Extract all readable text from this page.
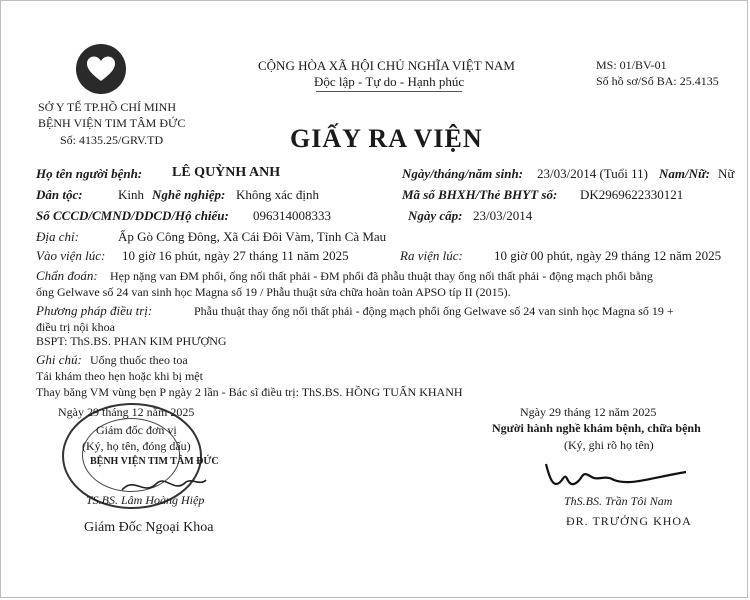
SỞ Y TẾ TP.HỒ CHÍ MINH
BỆNH VIỆN TIM TÂM ĐỨC
Số: 4135.25/GRV.TD
CỘNG HÒA XÃ HỘI CHỦ NGHĨA VIỆT NAM
Độc lập - Tự do - Hạnh phúc
MS: 01/BV-01
Số hồ sơ/Số BA: 25.4135
GIẤY RA VIỆN
Họ tên người bệnh: LÊ QUỲNH ANH	Ngày/tháng/năm sinh: 23/03/2014 (Tuổi 11) Nam/Nữ: Nữ
Dân tộc:	Kinh Nghề nghiệp: Không xác định	Mã số BHXH/Thẻ BHYT số: DK2969622330121
Số CCCD/CMND/DDCD/Hộ chiếu: 096314008333	Ngày cấp: 23/03/2014
Địa chỉ:	Ấp Gò Công Đông, Xã Cái Đôi Vàm, Tỉnh Cà Mau
Vào viện lúc: 10 giờ 16 phút, ngày 27 tháng 11 năm 2025	Ra viện lúc: 10 giờ 00 phút, ngày 29 tháng 12 năm 2025
Chẩn đoán: Hẹp nặng van ĐM phổi, ống nối thất phải - ĐM phổi đã phẫu thuật thay ống nối thất phải - động mạch phổi bằng
ống Gelwave số 24 van sinh học Magna số 19 / Phẫu thuật sửa chữa hoàn toàn APSO típ II (2015).
Phương pháp điều trị:	Phẫu thuật thay ống nối thất phải - động mạch phổi ống Gelwave số 24 van sinh học Magna số 19 +
điều trị nội khoa
BSPT: ThS.BS. PHAN KIM PHƯỢNG
Ghi chú: Uống thuốc theo toa
Tái khám theo hẹn hoặc khi bị mệt
Thay băng VM vùng bẹn P ngày 2 lần - Bác sĩ điều trị: ThS.BS. HỒNG TUẤN KHANH
Ngày 29 tháng 12 năm 2025
Giám đốc đơn vị
(Ký, họ tên, đóng dấu)
BỆNH VIỆN TIM TÂM ĐỨC
TS.BS. Lâm Hoàng Hiệp
Giám Đốc Ngoại Khoa
Ngày 29 tháng 12 năm 2025
Người hành nghề khám bệnh, chữa bệnh
(Ký, ghi rõ họ tên)
ThS.BS. Trần Tôi Nam
ĐR. TRƯỞNG KHOA
